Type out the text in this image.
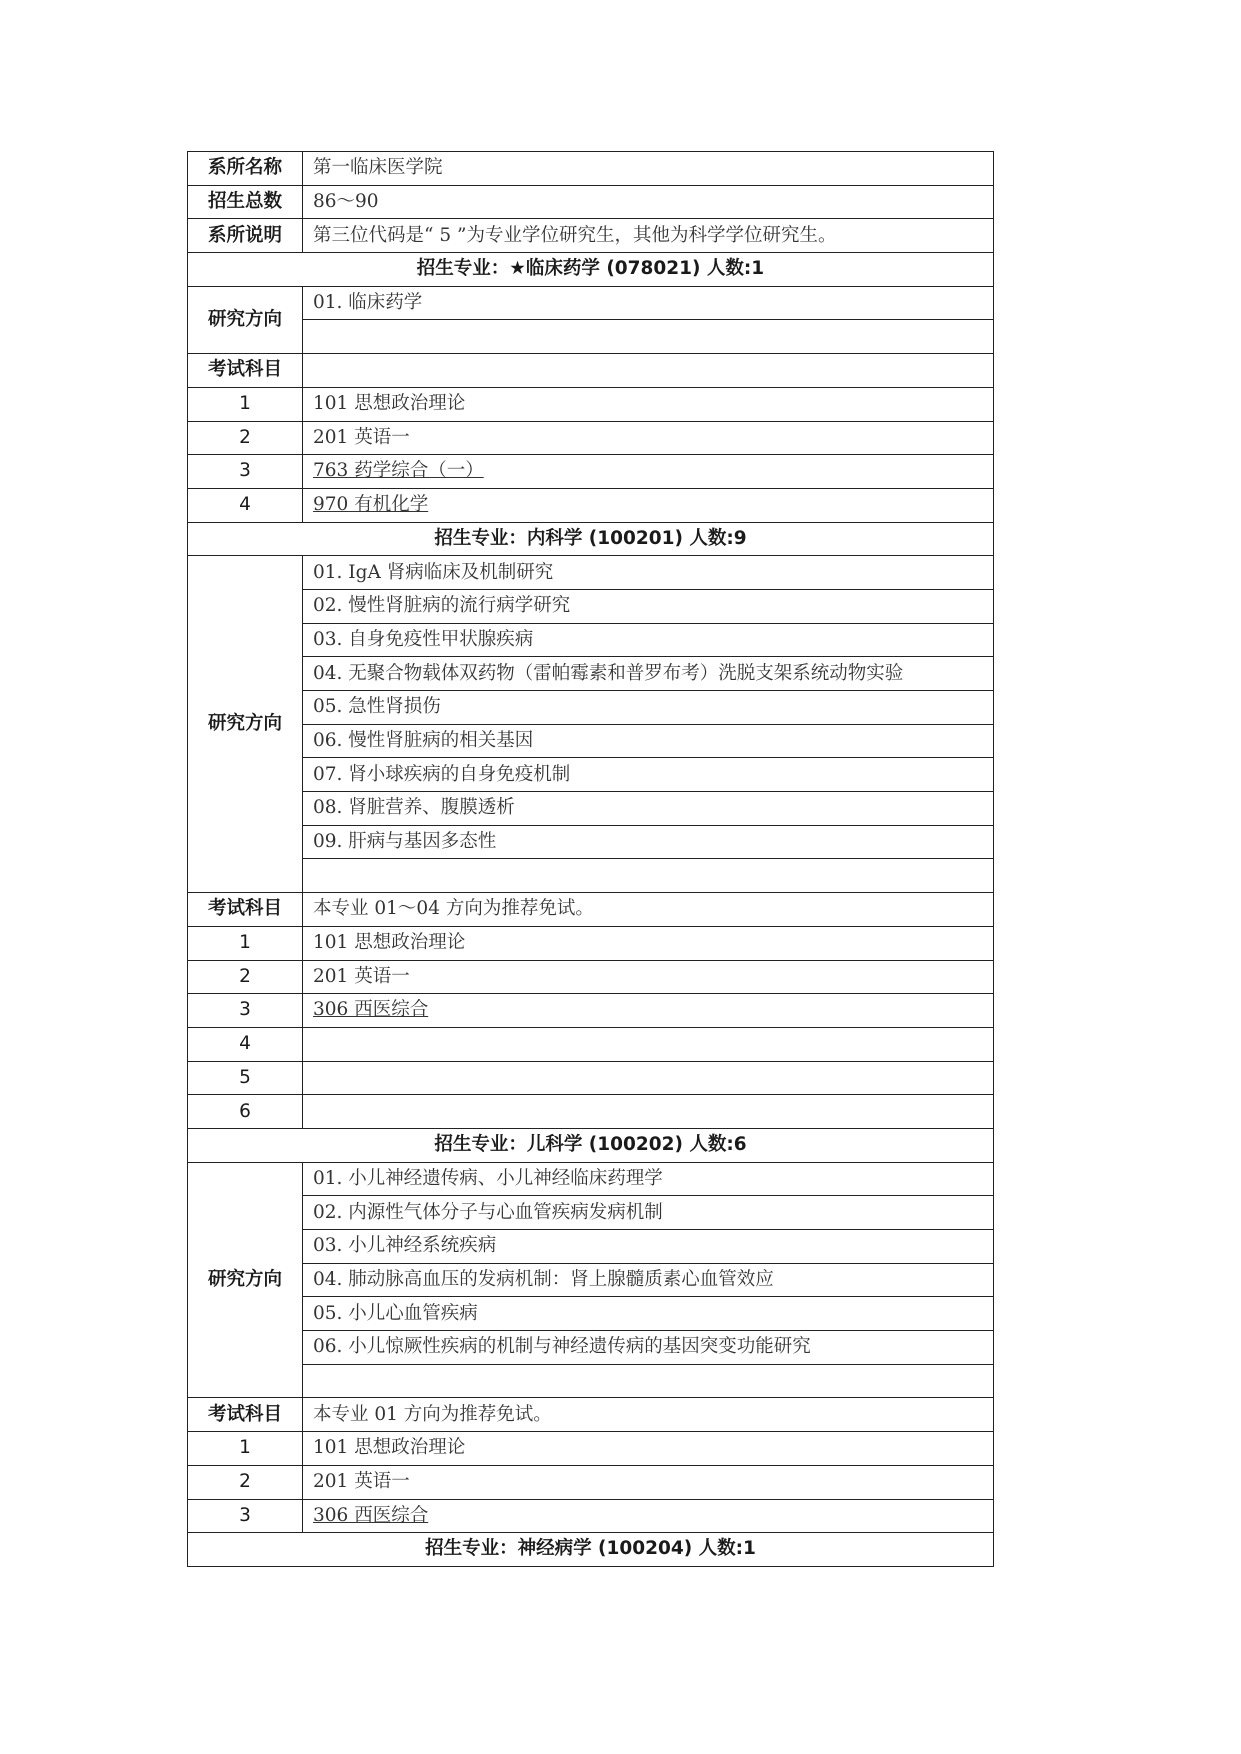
系所名称	第一临床医学院
招生总数	86～90
系所说明	第三位代码是“ 5 ”为专业学位研究生，其他为科学学位研究生。
招生专业：★临床药学 (078021) 人数:1	
研究方向	01. 临床药学

考试科目	
1	101 思想政治理论
2	201 英语一
3	763 药学综合（一）
4	970 有机化学
招生专业：内科学 (100201) 人数:9	
研究方向	01. IgA 肾病临床及机制研究
	02. 慢性肾脏病的流行病学研究
	03. 自身免疫性甲状腺疾病
	04. 无聚合物载体双药物（雷帕霉素和普罗布考）洗脱支架系统动物实验
	05. 急性肾损伤
	06. 慢性肾脏病的相关基因
	07. 肾小球疾病的自身免疫机制
	08. 肾脏营养、腹膜透析
	09. 肝病与基因多态性

考试科目	本专业 01～04 方向为推荐免试。
1	101 思想政治理论
2	201 英语一
3	306 西医综合
4	
5	
6	
招生专业：儿科学 (100202) 人数:6	
研究方向	01. 小儿神经遗传病、小儿神经临床药理学
	02. 内源性气体分子与心血管疾病发病机制
	03. 小儿神经系统疾病
	04. 肺动脉高血压的发病机制：肾上腺髓质素心血管效应
	05. 小儿心血管疾病
	06. 小儿惊厥性疾病的机制与神经遗传病的基因突变功能研究

考试科目	本专业 01 方向为推荐免试。
1	101 思想政治理论
2	201 英语一
3	306 西医综合
招生专业：神经病学 (100204) 人数:1	
